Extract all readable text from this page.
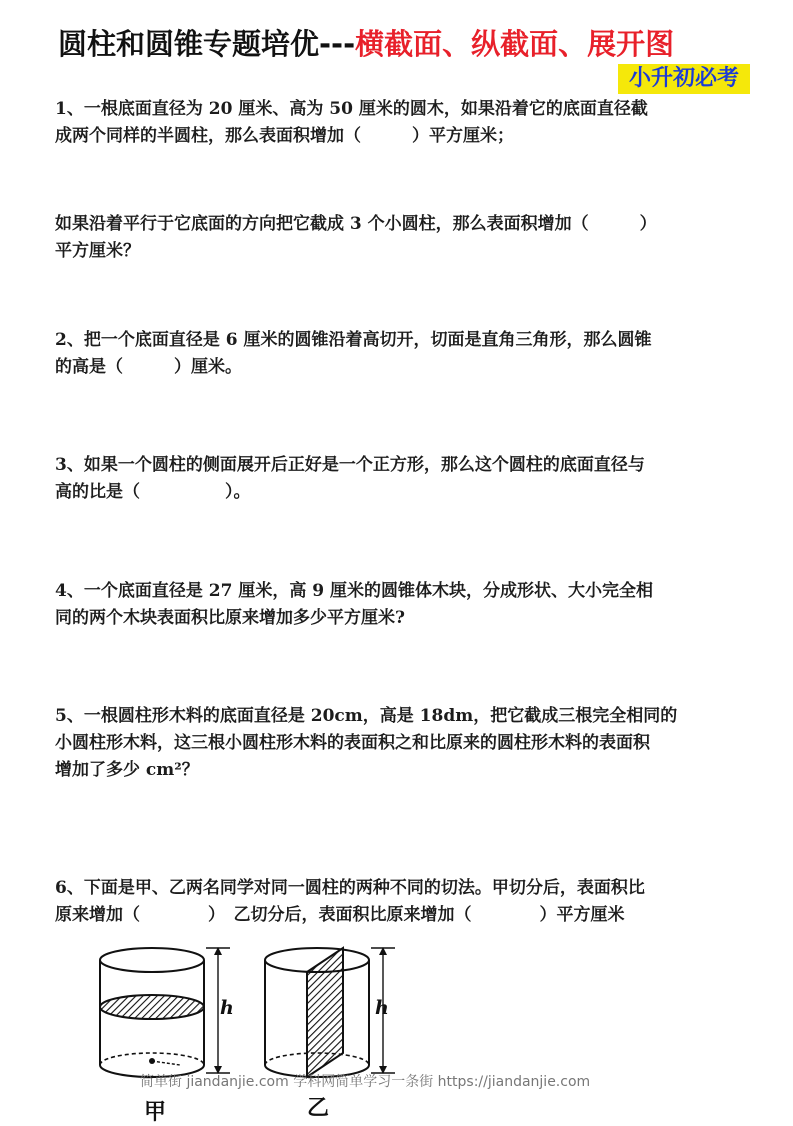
圆柱和圆锥专题培优---横截面、纵截面、展开图
小升初必考
1、一根底面直径为 20 厘米、高为 50 厘米的圆木，如果沿着它的底面直径截
成两个同样的半圆柱，那么表面积增加（　　　）平方厘米；
如果沿着平行于它底面的方向把它截成 3 个小圆柱，那么表面积增加（　　　）
平方厘米？
2、把一个底面直径是 6 厘米的圆锥沿着高切开，切面是直角三角形，那么圆锥
的高是（　　　）厘米。
3、如果一个圆柱的侧面展开后正好是一个正方形，那么这个圆柱的底面直径与
高的比是（　　　　　）。
4、一个底面直径是 27 厘米，高 9 厘米的圆锥体木块，分成形状、大小完全相
同的两个木块表面积比原来增加多少平方厘米?
5、一根圆柱形木料的底面直径是 20cm，高是 18dm，把它截成三根完全相同的
小圆柱形木料，这三根小圆柱形木料的表面积之和比原来的圆柱形木料的表面积
增加了多少 cm²？
6、下面是甲、乙两名同学对同一圆柱的两种不同的切法。甲切分后，表面积比
原来增加（　　　　）　乙切分后，表面积比原来增加（　　　　）平方厘米
h
甲
h
乙
简单街 jiandanjie.com 学科网简单学习一条街 https://jiandanjie.com
